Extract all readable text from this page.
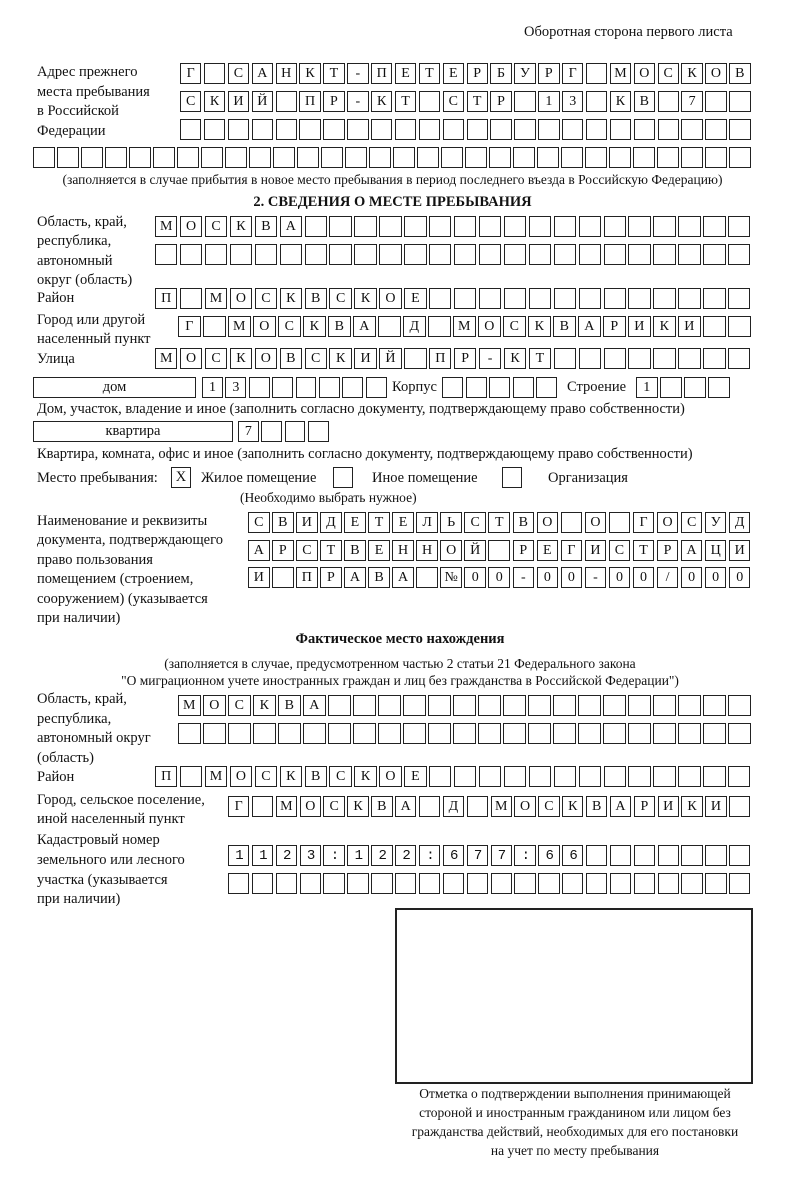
Оборотная сторона первого листа
Адрес прежнего
места пребывания
в Российской
Федерации
Г	С	А Н	К	Т	-	П	Е	Т	Е	Р	Б	У	Р	Г	М О	С	К	О	В
С	К	И Й	П	Р	-	К	Т	С	Т	Р	1	3	К	В	7
(заполняется в случае прибытия в новое место пребывания в период последнего въезда в Российскую Федерацию)
2. СВЕДЕНИЯ О МЕСТЕ ПРЕБЫВАНИЯ
Область, край,
республика,
автономный
округ (область)
М О	С	К	В	А
Район	П	М О	С	К	В	С	К	О	Е
Город или другой
населенный пункт
Г	М О	С	К	В	А	Д	М О	С	К	В	А	Р	И	К	И
Улица	М О	С	К	О	В	С	К	И	Й	П	Р	-	К	Т
дом	1	3	Корпус	Строение	1
Дом, участок, владение и иное (заполнить согласно документу, подтверждающему право собственности)
квартира	7
Квартира, комната, офис и иное (заполнить согласно документу, подтверждающему право собственности)
Место пребывания:	X	Жилое помещение	Иное помещение	Организация
(Необходимо выбрать нужное)
Наименование и реквизиты
документа, подтверждающего
право пользования
помещением (строением,
сооружением) (указывается
при наличии)
С	В	И	Д	Е	Т	Е	Л	Ь	С	Т	В	О	О	Г	О	С	У	Д
А	Р	С	Т	В	Е	Н Н О Й	Р	Е	Г	И	С	Т	Р	А Ц И
И	П	Р	А	В	А	№ 0	0	-	0	0	-	0	0	/	0	0	0
Фактическое место нахождения
(заполняется в случае, предусмотренном частью 2 статьи 21 Федерального закона
"О миграционном учете иностранных граждан и лиц без гражданства в Российской Федерации")
Область, край,
республика,
автономный округ
(область)
М О	С	К	В	А
Район	П	М О	С	К	В	С	К	О	Е
Город, сельское поселение,
иной населенный пункт
Г	М О	С	К	В	А	Д	М О	С	К	В	А	Р	И	К	И
Кадастровый номер
земельного или лесного
участка (указывается
при наличии)
1123:122:677:66
Отметка о подтверждении выполнения принимающей
стороной и иностранным гражданином или лицом без
гражданства действий, необходимых для его постановки
на учет по месту пребывания
